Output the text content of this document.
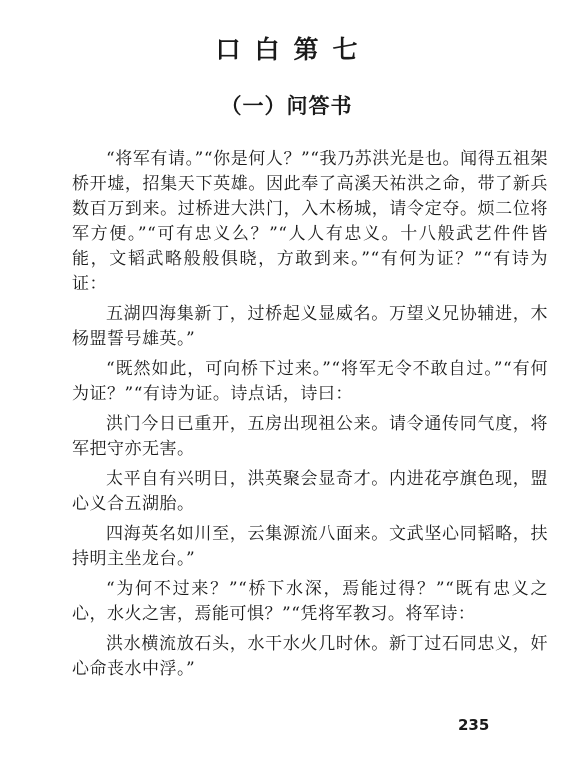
口白第七
（一）问答书

“将军有请。”“你是何人？”“我乃苏洪光是也。闻得五祖架桥开墟，招集天下英雄。因此奉了高溪天祐洪之命，带了新兵数百万到来。过桥进大洪门，入木杨城，请令定夺。烦二位将军方便。”“可有忠义么？”“人人有忠义。十八般武艺件件皆能，文韬武略般般俱晓，方敢到来。”“有何为证？”“有诗为证：

五湖四海集新丁，过桥起义显威名。万望义兄协辅进，木杨盟誓号雄英。”

“既然如此，可向桥下过来。”“将军无令不敢自过。”“有何为证？”“有诗为证。诗点话，诗曰：

洪门今日已重开，五房出现祖公来。请令通传同气度，将军把守亦无害。

太平自有兴明日，洪英聚会显奇才。内进花亭旗色现，盟心义合五湖胎。

四海英名如川至，云集源流八面来。文武坚心同韬略，扶持明主坐龙台。”

“为何不过来？”“桥下水深，焉能过得？”“既有忠义之心，水火之害，焉能可惧？”“凭将军教习。将军诗：

洪水横流放石头，水干水火几时休。新丁过石同忠义，奸心命丧水中浮。”

235
